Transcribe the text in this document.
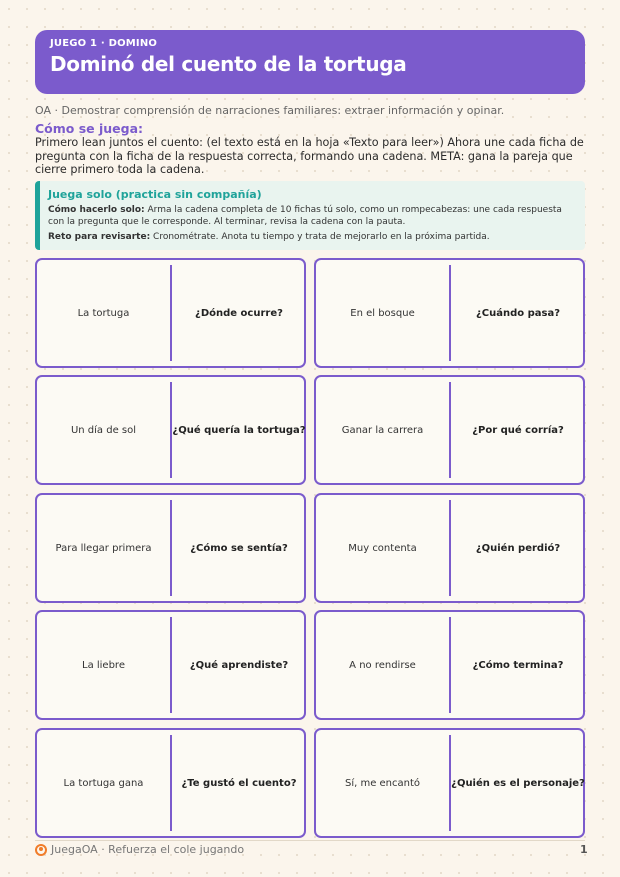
JUEGO 1 · DOMINO
Dominó del cuento de la tortuga
OA · Demostrar comprensión de narraciones familiares: extraer información y opinar.
Cómo se juega:
Primero lean juntos el cuento: (el texto está en la hoja «Texto para leer») Ahora une cada ficha de pregunta con la ficha de la respuesta correcta, formando una cadena. META: gana la pareja que cierre primero toda la cadena.
Juega solo (practica sin compañía)
Cómo hacerlo solo: Arma la cadena completa de 10 fichas tú solo, como un rompecabezas: une cada respuesta con la pregunta que le corresponde. Al terminar, revisa la cadena con la pauta.
Reto para revisarte: Cronométrate. Anota tu tiempo y trata de mejorarlo en la próxima partida.
La tortuga	¿Dónde ocurre?	En el bosque	¿Cuándo pasa?
Un día de sol	¿Qué quería la tortuga?	Ganar la carrera	¿Por qué corría?
Para llegar primera	¿Cómo se sentía?	Muy contenta	¿Quién perdió?
La liebre	¿Qué aprendiste?	A no rendirse	¿Cómo termina?
La tortuga gana	¿Te gustó el cuento?	Sí, me encantó	¿Quién es el personaje?
JuegaOA · Refuerza el cole jugando	1
